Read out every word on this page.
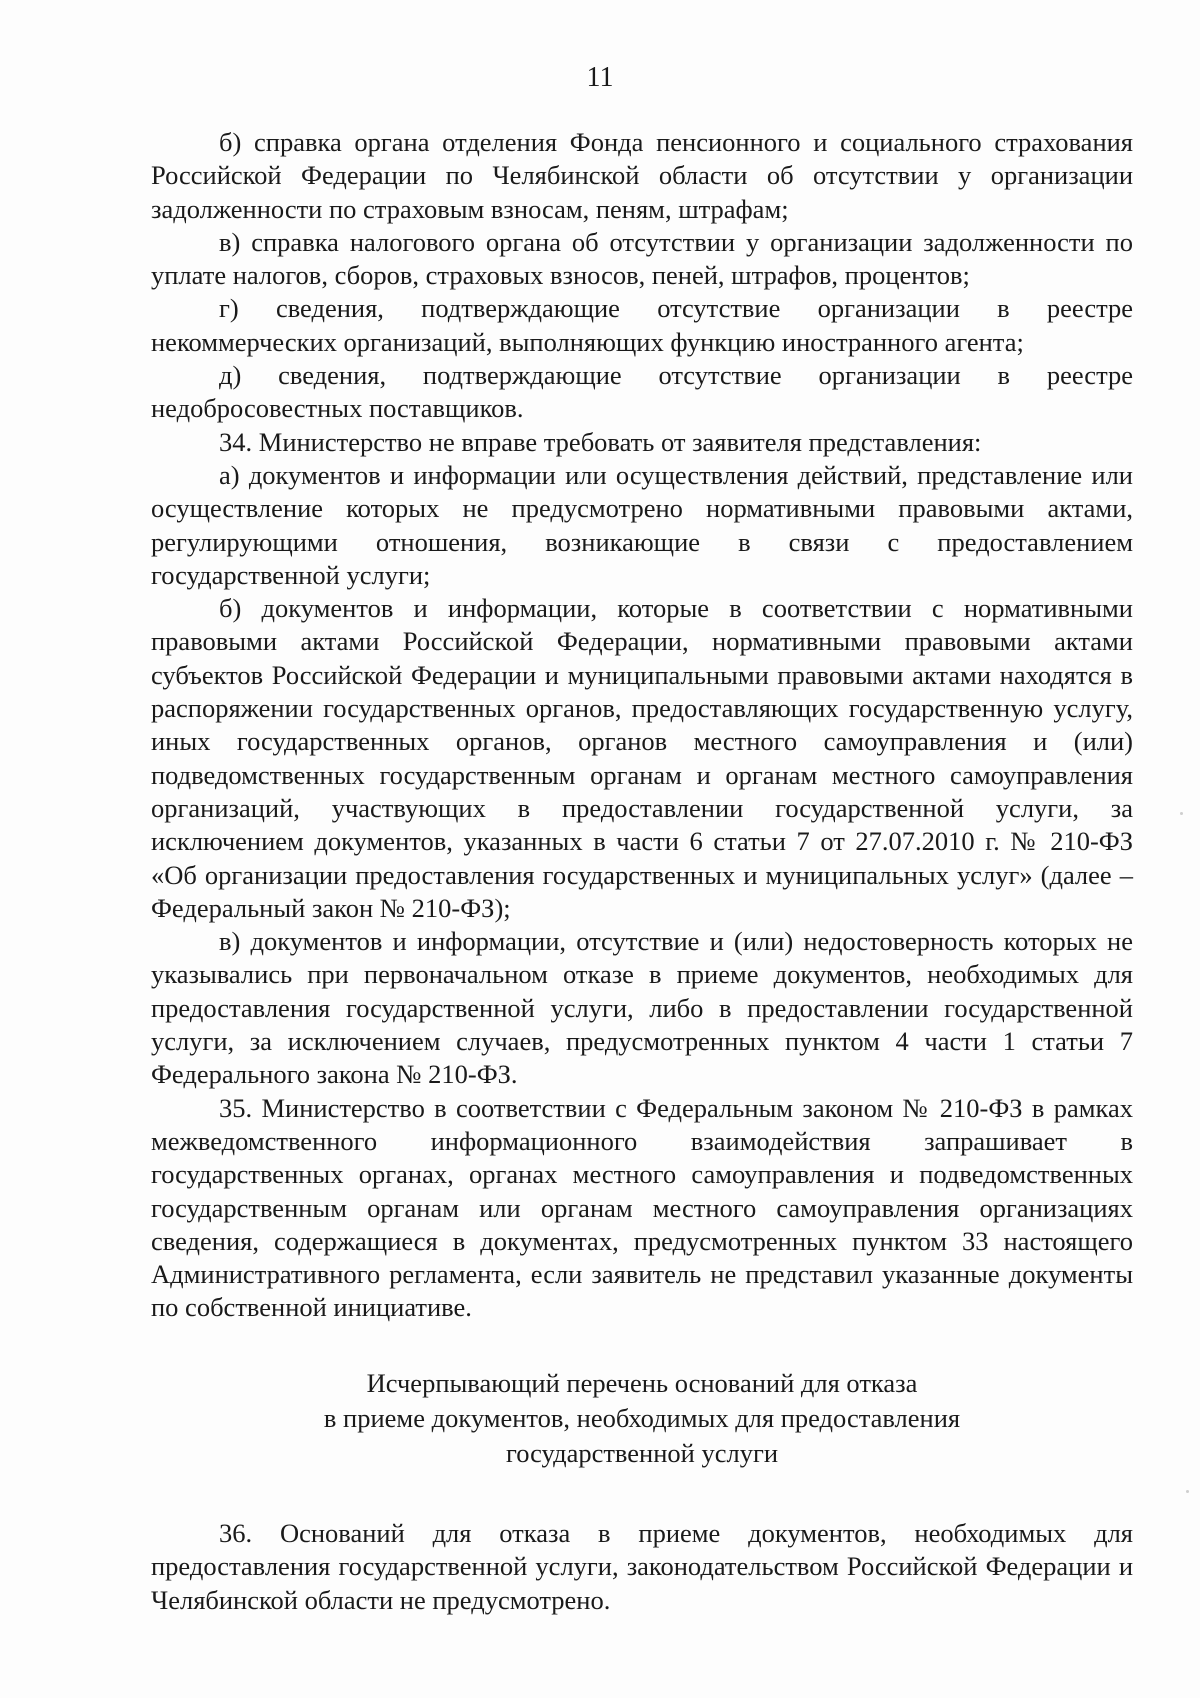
11

б) справка органа отделения Фонда пенсионного и социального страхования Российской Федерации по Челябинской области об отсутствии у организации задолженности по страховым взносам, пеням, штрафам;

в) справка налогового органа об отсутствии у организации задолженности по уплате налогов, сборов, страховых взносов, пеней, штрафов, процентов;

г) сведения, подтверждающие отсутствие организации в реестре некоммерческих организаций, выполняющих функцию иностранного агента;

д) сведения, подтверждающие отсутствие организации в реестре недобросовестных поставщиков.

34. Министерство не вправе требовать от заявителя представления:

а) документов и информации или осуществления действий, представление или осуществление которых не предусмотрено нормативными правовыми актами, регулирующими отношения, возникающие в связи с предоставлением государственной услуги;

б) документов и информации, которые в соответствии с нормативными правовыми актами Российской Федерации, нормативными правовыми актами субъектов Российской Федерации и муниципальными правовыми актами находятся в распоряжении государственных органов, предоставляющих государственную услугу, иных государственных органов, органов местного самоуправления и (или) подведомственных государственным органам и органам местного самоуправления организаций, участвующих в предоставлении государственной услуги, за исключением документов, указанных в части 6 статьи 7 от 27.07.2010 г. № 210-ФЗ «Об организации предоставления государственных и муниципальных услуг» (далее – Федеральный закон № 210-ФЗ);

в) документов и информации, отсутствие и (или) недостоверность которых не указывались при первоначальном отказе в приеме документов, необходимых для предоставления государственной услуги, либо в предоставлении государственной услуги, за исключением случаев, предусмотренных пунктом 4 части 1 статьи 7 Федерального закона № 210-ФЗ.

35. Министерство в соответствии с Федеральным законом № 210-ФЗ в рамках межведомственного информационного взаимодействия запрашивает в государственных органах, органах местного самоуправления и подведомственных государственным органам или органам местного самоуправления организациях сведения, содержащиеся в документах, предусмотренных пунктом 33 настоящего Административного регламента, если заявитель не представил указанные документы по собственной инициативе.

Исчерпывающий перечень оснований для отказа
в приеме документов, необходимых для предоставления
государственной услуги

36. Оснований для отказа в приеме документов, необходимых для предоставления государственной услуги, законодательством Российской Федерации и Челябинской области не предусмотрено.
